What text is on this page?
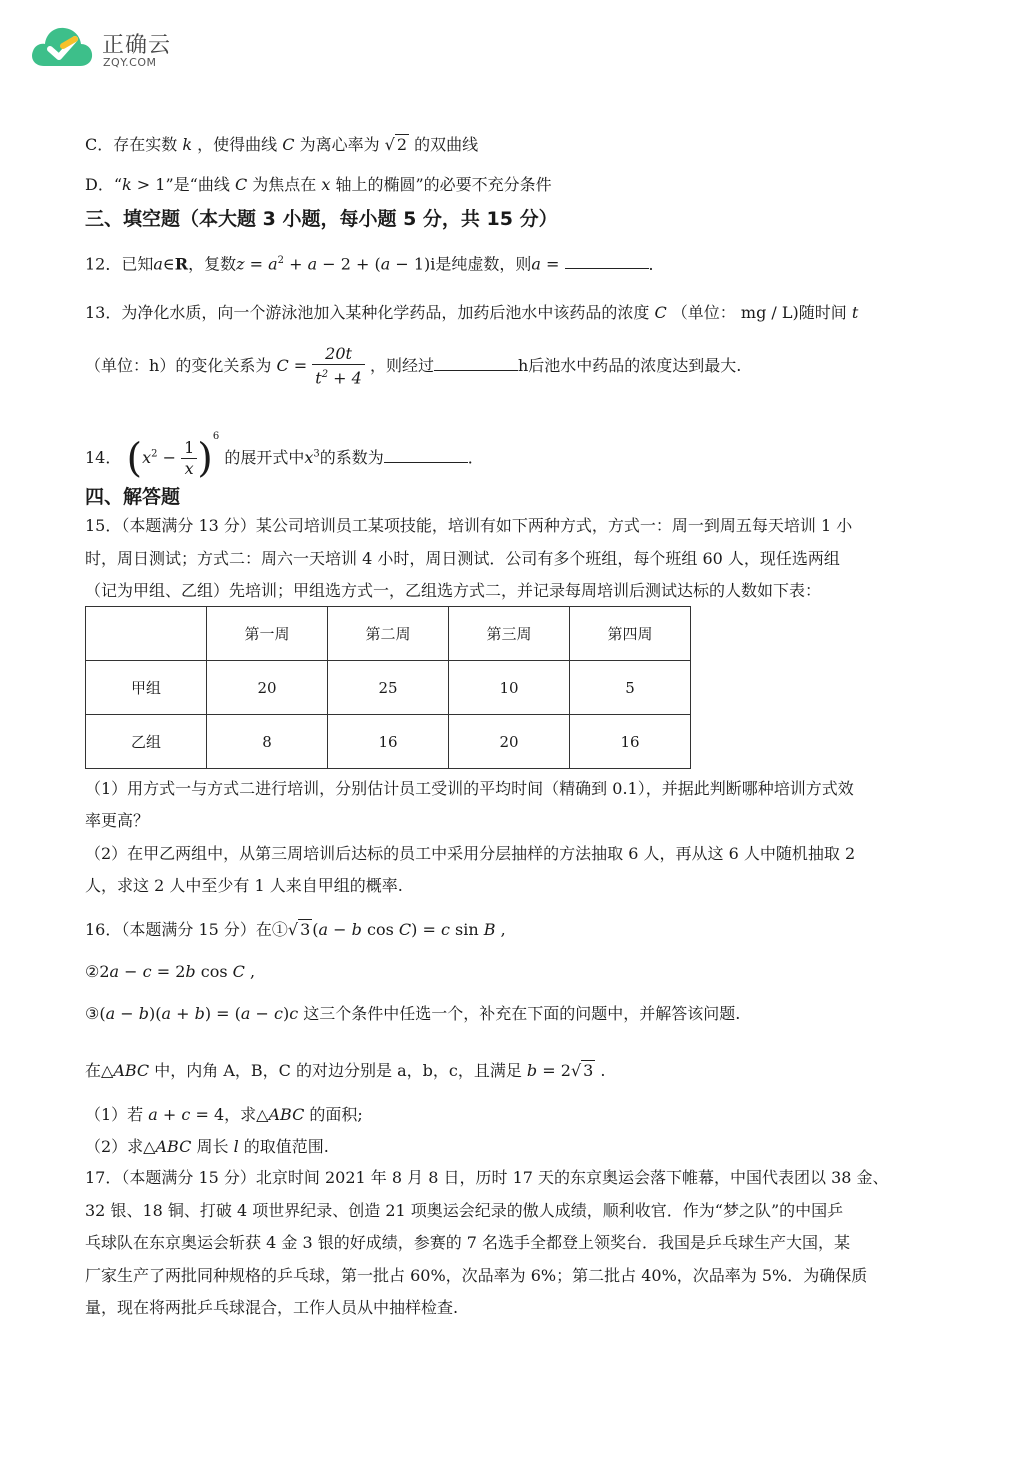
正确云
ZQY.COM
C．存在实数 k ，使得曲线 C 为离心率为 √ 2 的双曲线
D．“k > 1”是“曲线 C 为焦点在 x 轴上的椭圆”的必要不充分条件
三、填空题（本大题 3 小题，每小题 5 分，共 15 分）
12．已知a∈R，复数$z = a^2 + a - 2 + (a - 1)i$是纯虚数，则a =	．
13．为净化水质，向一个游泳池加入某种化学药品，加药后池水中该药品的浓度 C （单位： mg / L)随时间 t
（单位：h）的变化关系为 $C = \frac{20t}{t^2 + 4}$ ，则经过	h后池水中药品的浓度达到最大.
14． $(x^2 - \frac{1}{x} )^6$ 的展开式中$x^3$的系数为	．
四、解答题
15．（本题满分 13 分）某公司培训员工某项技能，培训有如下两种方式，方式一：周一到周五每天培训 1 小
时，周日测试；方式二：周六一天培训 4 小时，周日测试．公司有多个班组，每个班组 60 人，现任选两组
（记为甲组、乙组）先培训；甲组选方式一，乙组选方式二，并记录每周培训后测试达标的人数如下表：
	第一周	第二周	第三周	第四周
甲组	20	25	10	5
乙组	8	16	20	16
（1）用方式一与方式二进行培训，分别估计员工受训的平均时间（精确到 0.1），并据此判断哪种培训方式效
率更高？
（2）在甲乙两组中，从第三周培训后达标的员工中采用分层抽样的方法抽取 6 人，再从这 6 人中随机抽取 2
人，求这 2 人中至少有 1 人来自甲组的概率.
16．（本题满分 15 分）在①√ 3 (a − b cos C) = c sin B ,
②2a − c = 2b cos C ,
③(a − b)(a + b) = (a − c)c 这三个条件中任选一个，补充在下面的问题中，并解答该问题.
在△ABC 中，内角 A，B，C 的对边分别是 a，b，c，且满足 b = 2√ 3 .
（1）若 a + c = 4，求△ABC 的面积;
（2）求△ABC 周长 l 的取值范围.
17．（本题满分 15 分）北京时间 2021 年 8 月 8 日，历时 17 天的东京奥运会落下帷幕，中国代表团以 38 金、
32 银、18 铜、打破 4 项世界纪录、创造 21 项奥运会纪录的傲人成绩，顺利收官．作为“梦之队”的中国乒
乓球队在东京奥运会斩获 4 金 3 银的好成绩，参赛的 7 名选手全都登上领奖台．我国是乒乓球生产大国，某
厂家生产了两批同种规格的乒乓球，第一批占 60%，次品率为 6%；第二批占 40%，次品率为 5%．为确保质
量，现在将两批乒乓球混合，工作人员从中抽样检查.
